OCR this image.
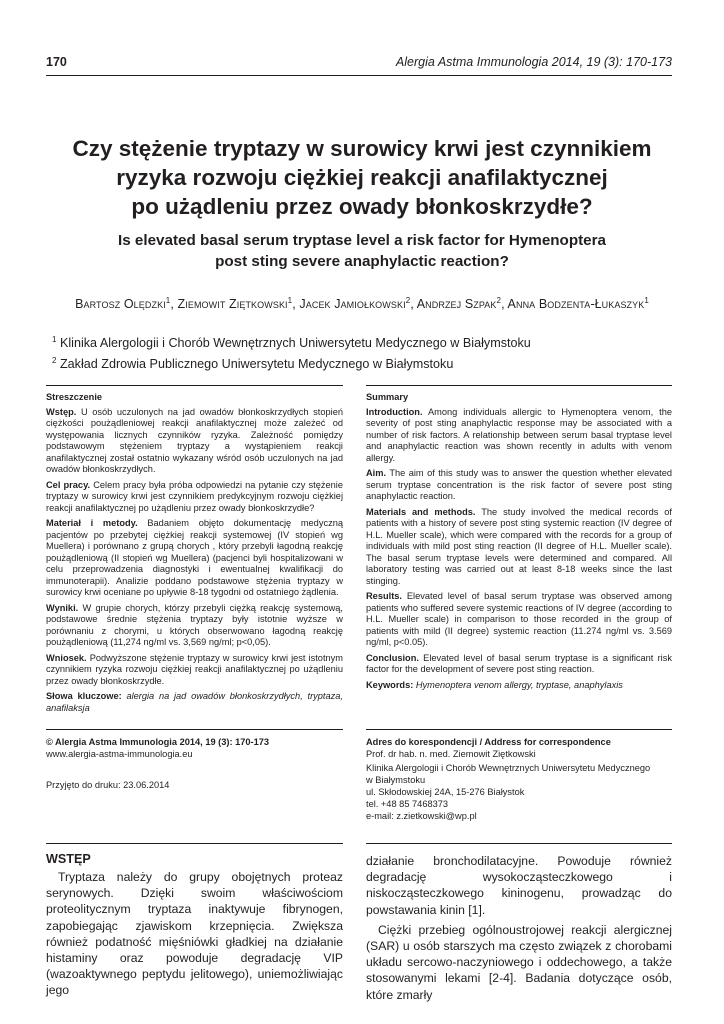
170	Alergia Astma Immunologia 2014, 19 (3): 170-173
Czy stężenie tryptazy w surowicy krwi jest czynnikiem
ryzyka rozwoju ciężkiej reakcji anafilaktycznej
po użądleniu przez owady błonkoskrzydłe?
Is elevated basal serum tryptase level a risk factor for Hymenoptera
post sting severe anaphylactic reaction?
Bartosz Olędzki$^1$, Ziemowit Ziętkowski$^1$, Jacek Jamiołkowski$^2$, Andrzej Szpak$^2$, Anna Bodzenta-Łukaszyk$^1$
$^1$ Klinika Alergologii i Chorób Wewnętrznych Uniwersytetu Medycznego w Białymstoku
$^2$ Zakład Zdrowia Publicznego Uniwersytetu Medycznego w Białymstoku
Streszczenie

Wstęp. U osób uczulonych na jad owadów błonkoskrzydłych stopień ciężkości poużądleniowej reakcji anafilaktycznej może zależeć od występowania licznych czynników ryzyka. Zależność pomiędzy podstawowym stężeniem tryptazy a wystąpieniem reakcji anafilaktycznej został ostatnio wykazany wśród osób uczulonych na jad owadów błonkoskrzydłych.

Cel pracy. Celem pracy była próba odpowiedzi na pytanie czy stężenie tryptazy w surowicy krwi jest czynnikiem predykcyjnym rozwoju ciężkiej reakcji anafilaktycznej po użądleniu przez owady błonkoskrzydłe?

Materiał i metody. Badaniem objęto dokumentację medyczną pacjentów po przebytej ciężkiej reakcji systemowej (IV stopień wg Muellera) i porównano z grupą chorych , który przebyli łagodną reakcję poużądleniową (II stopień wg Muellera) (pacjenci byli hospitalizowani w celu przeprowadzenia diagnostyki i ewentualnej kwalifikacji do immunoterapii). Analizie poddano podstawowe stężenia tryptazy w surowicy krwi oceniane po upływie 8-18 tygodni od ostatniego żądlenia.

Wyniki. W grupie chorych, którzy przebyli ciężką reakcję systemową, podstawowe średnie stężenia tryptazy były istotnie wyższe w porównaniu z chorymi, u których obserwowano łagodną reakcję poużądleniową (11,274 ng/ml vs. 3,569 ng/ml; p<0,05).

Wniosek. Podwyższone stężenie tryptazy w surowicy krwi jest istotnym czynnikiem ryzyka rozwoju ciężkiej reakcji anafilaktycznej po użądleniu przez owady błonkoskrzydłe.

Słowa kluczowe: alergia na jad owadów błonkoskrzydłych, tryptaza, anafilaksja

Summary

Introduction. Among individuals allergic to Hymenoptera venom, the severity of post sting anaphylactic response may be associated with a number of risk factors. A relationship between serum basal tryptase level and anaphylactic reaction was shown recently in adults with venom allergy.

Aim. The aim of this study was to answer the question whether elevated serum tryptase concentration is the risk factor of severe post sting anaphylactic reaction.

Materials and methods. The study involved the medical records of patients with a history of severe post sting systemic reaction (IV degree of H.L. Mueller scale), which were compared with the records for a group of individuals with mild post sting reaction (II degree of H.L. Mueller scale). The basal serum tryptase levels were determined and compared. All laboratory testing was carried out at least 8-18 weeks since the last stinging.

Results. Elevated level of basal serum tryptase was observed among patients who suffered severe systemic reactions of IV degree (according to H.L. Mueller scale) in comparison to those recorded in the group of patients with mild (II degree) systemic reaction (11.274 ng/ml vs. 3.569 ng/ml, p<0.05).

Conclusion. Elevated level of basal serum tryptase is a significant risk factor for the development of severe post sting reaction.

Keywords: Hymenoptera venom allergy, tryptase, anaphylaxis

© Alergia Astma Immunologia 2014, 19 (3): 170-173
www.alergia-astma-immunologia.eu
Przyjęto do druku: 23.06.2014
Adres do korespondencji / Address for correspondence
Prof. dr hab. n. med. Ziemowit Ziętkowski
Klinika Alergologii i Chorób Wewnętrznych Uniwersytetu Medycznego
w Białymstoku
ul. Skłodowskiej 24A, 15-276 Białystok
tel. +48 85 7468373
e-mail: z.zietkowski@wp.pl
WSTĘP

Tryptaza należy do grupy obojętnych proteaz serynowych. Dzięki swoim właściwościom proteolitycznym tryptaza inaktywuje fibrynogen, zapobiegając zjawiskom krzepnięcia. Zwiększa również podatność mięśniówki gładkiej na działanie histaminy oraz powoduje degradację VIP (wazoaktywnego peptydu jelitowego), uniemożliwiając jego

działanie bronchodilatacyjne. Powoduje również degradację wysokocząsteczkowego i niskocząsteczkowego kininogenu, prowadząc do powstawania kinin [1].

Ciężki przebieg ogólnoustrojowej reakcji alergicznej (SAR) u osób starszych ma często związek z chorobami układu sercowo-naczyniowego i oddechowego, a także stosowanymi lekami [2-4]. Badania dotyczące osób, które zmarły
